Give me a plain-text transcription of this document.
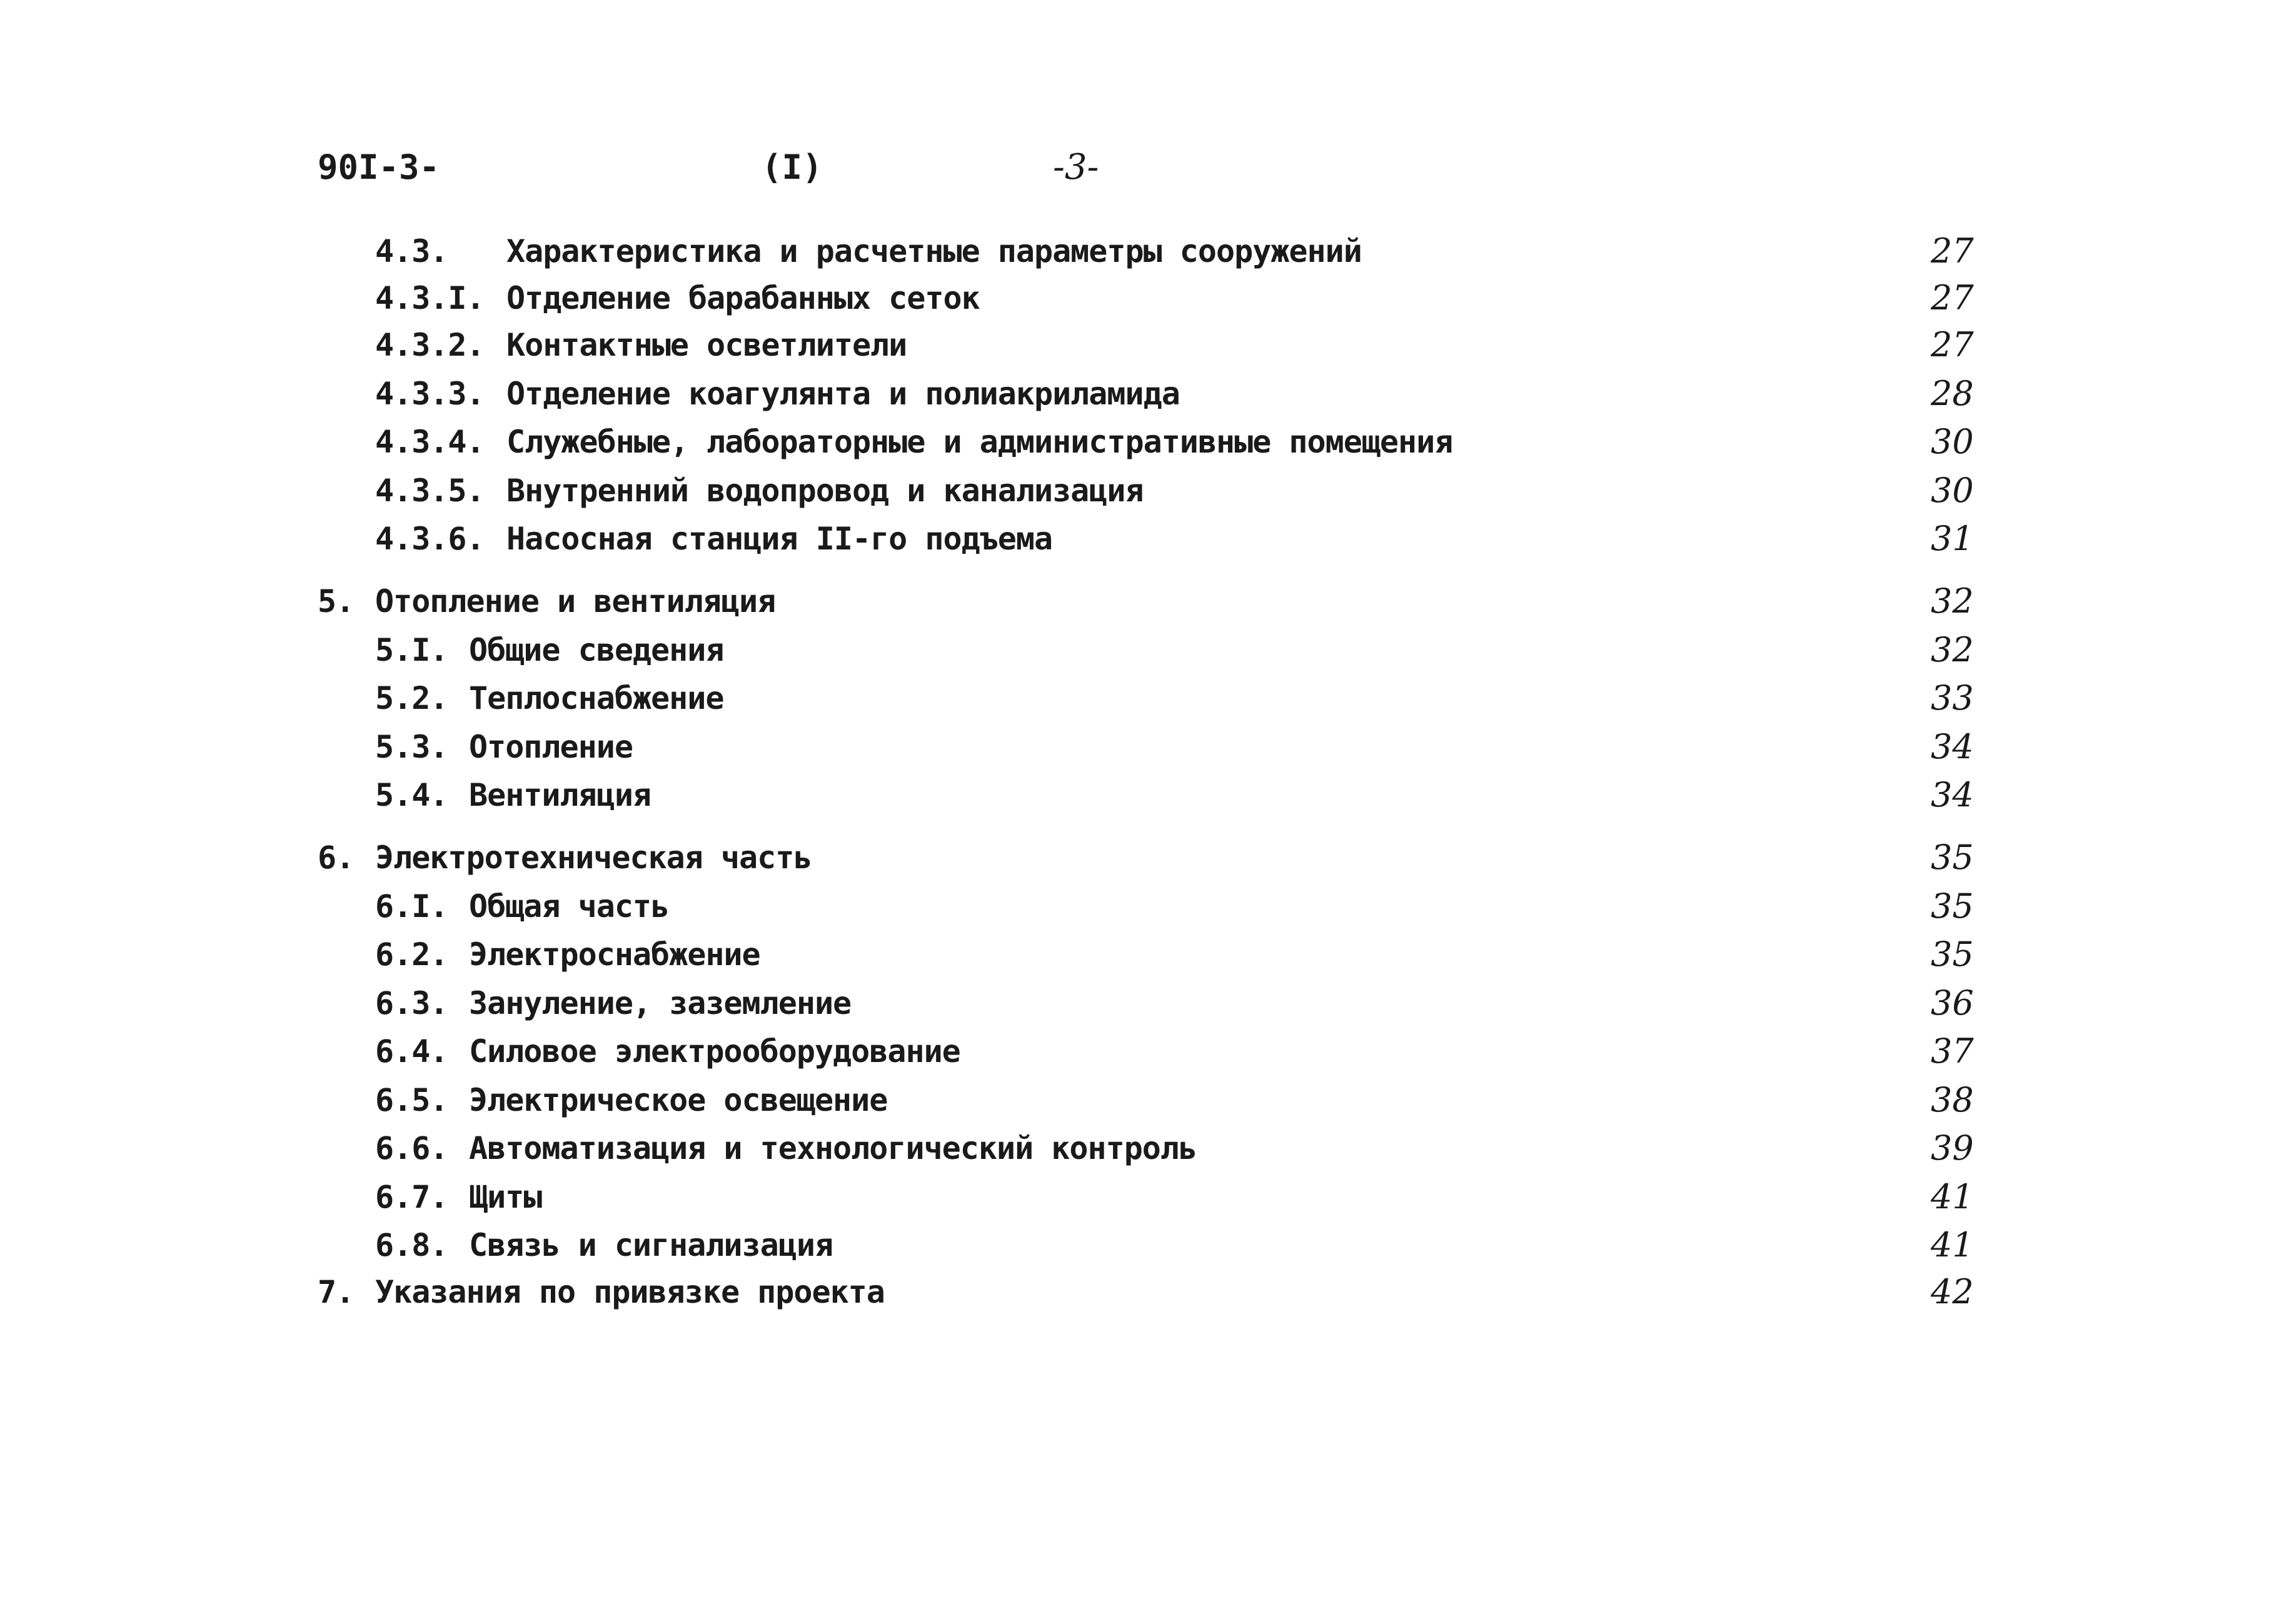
90I-3-	(I)	-3-
4.3. Характеристика и расчетные параметры сооружений	27
4.3.I. Отделение барабанных сеток	27
4.3.2. Контактные осветлители	27
4.3.3. Отделение коагулянта и полиакриламида	28
4.3.4. Служебные, лабораторные и административные помещения	30
4.3.5. Внутренний водопровод и канализация	30
4.3.6. Насосная станция II-го подъема	31
5. Отопление и вентиляция	32
5.I. Общие сведения	32
5.2. Теплоснабжение	33
5.3. Отопление	34
5.4. Вентиляция	34
6. Электротехническая часть	35
6.I. Общая часть	35
6.2. Электроснабжение	35
6.3. Зануление, заземление	36
6.4. Силовое электрооборудование	37
6.5. Электрическое освещение	38
6.6. Автоматизация и технологический контроль	39
6.7. Щиты	41
6.8. Связь и сигнализация	41
7. Указания по привязке проекта	42
